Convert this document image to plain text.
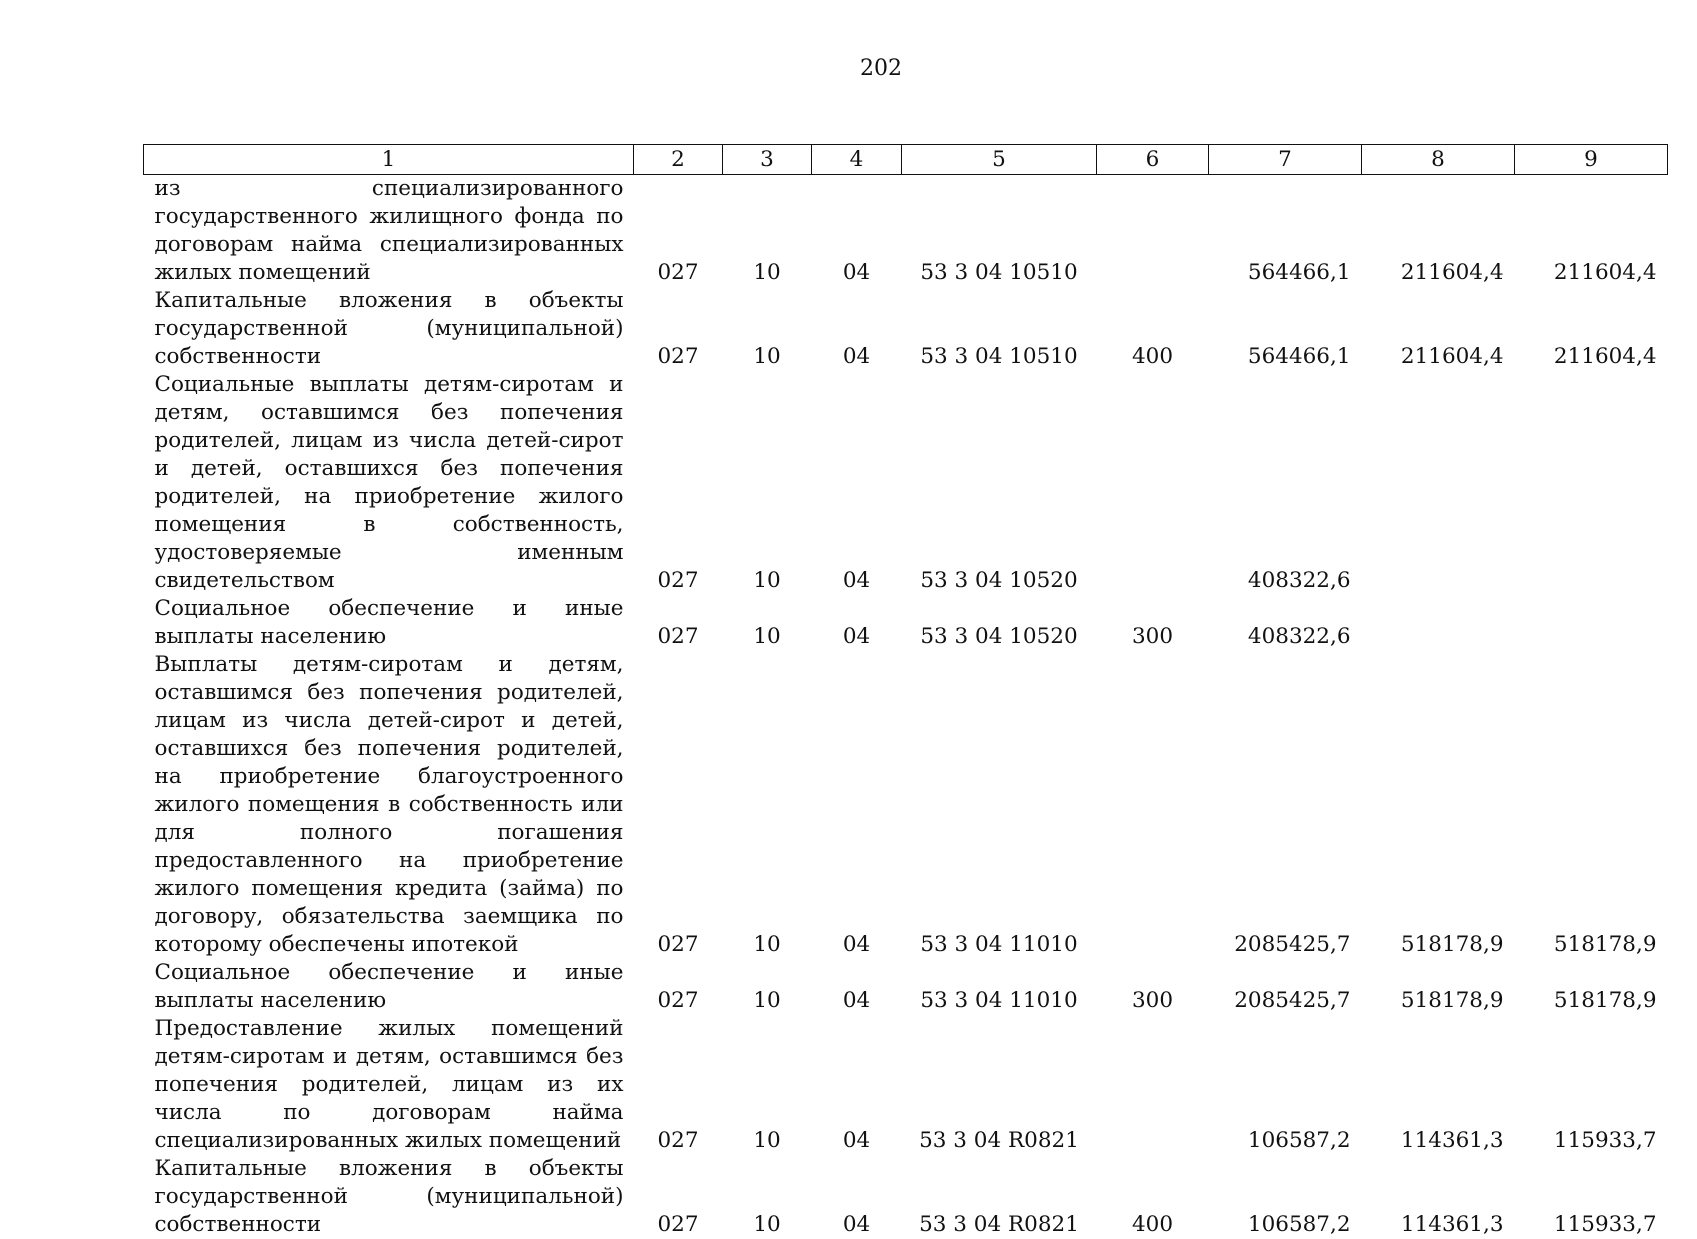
202
1	2	3	4	5	6	7	8	9
из специализированного государственного жилищного фонда по договорам найма специализированных жилых помещений	027	10	04	53 3 04 10510		564466,1	211604,4	211604,4
Капитальные вложения в объекты государственной (муниципальной) собственности	027	10	04	53 3 04 10510	400	564466,1	211604,4	211604,4
Социальные выплаты детям-сиротам и детям, оставшимся без попечения родителей, лицам из числа детей-сирот и детей, оставшихся без попечения родителей, на приобретение жилого помещения в собственность, удостоверяемые именным свидетельством	027	10	04	53 3 04 10520		408322,6		
Социальное обеспечение и иные выплаты населению	027	10	04	53 3 04 10520	300	408322,6		
Выплаты детям-сиротам и детям, оставшимся без попечения родителей, лицам из числа детей-сирот и детей, оставшихся без попечения родителей, на приобретение благоустроенного жилого помещения в собственность или для полного погашения предоставленного на приобретение жилого помещения кредита (займа) по договору, обязательства заемщика по которому обеспечены ипотекой	027	10	04	53 3 04 11010		2085425,7	518178,9	518178,9
Социальное обеспечение и иные выплаты населению	027	10	04	53 3 04 11010	300	2085425,7	518178,9	518178,9
Предоставление жилых помещений детям-сиротам и детям, оставшимся без попечения родителей, лицам из их числа по договорам найма специализированных жилых помещений	027	10	04	53 3 04 R0821		106587,2	114361,3	115933,7
Капитальные вложения в объекты государственной (муниципальной) собственности	027	10	04	53 3 04 R0821	400	106587,2	114361,3	115933,7
